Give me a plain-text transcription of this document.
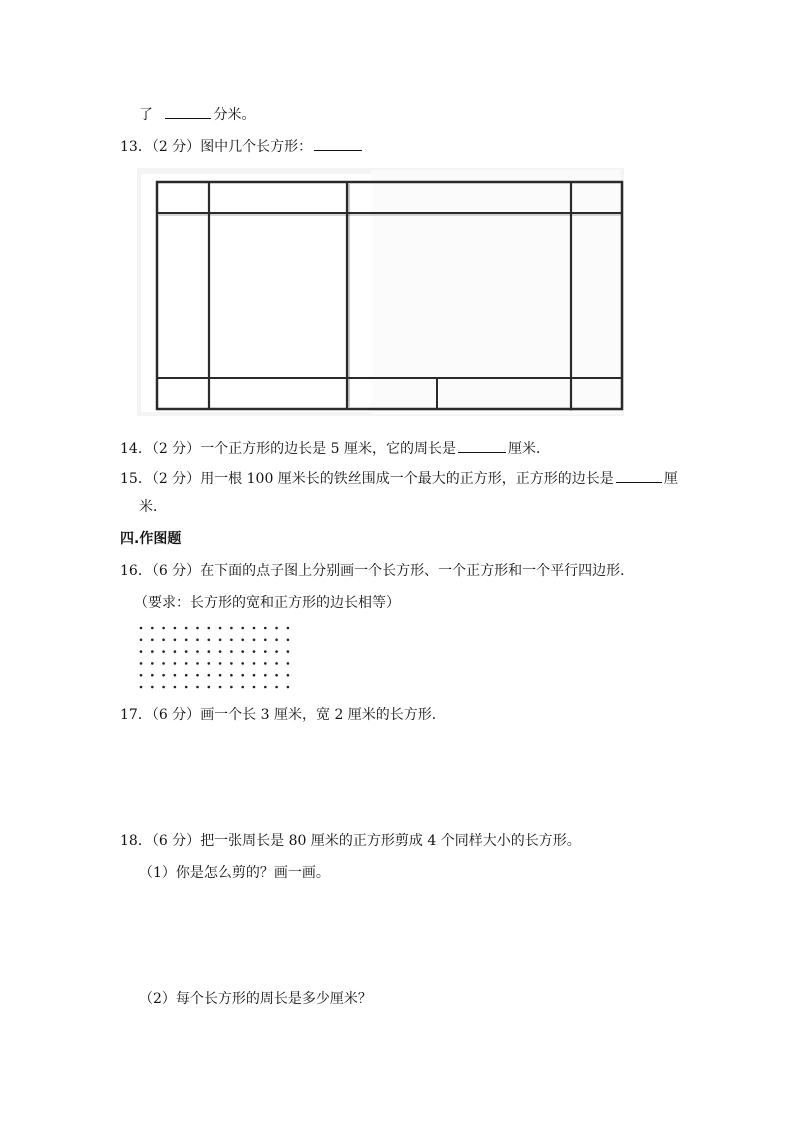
了	分米。
13．（2 分）图中几个长方形：
14．（2 分）一个正方形的边长是 5 厘米，它的周长是	厘米．
15．（2 分）用一根 100 厘米长的铁丝围成一个最大的正方形，正方形的边长是	厘
米．
四.作图题
16．（6 分）在下面的点子图上分别画一个长方形、一个正方形和一个平行四边形．
（要求：长方形的宽和正方形的边长相等）
17．（6 分）画一个长 3 厘米，宽 2 厘米的长方形．
18．（6 分）把一张周长是 80 厘米的正方形剪成 4 个同样大小的长方形。
（1）你是怎么剪的？画一画。
（2）每个长方形的周长是多少厘米？
